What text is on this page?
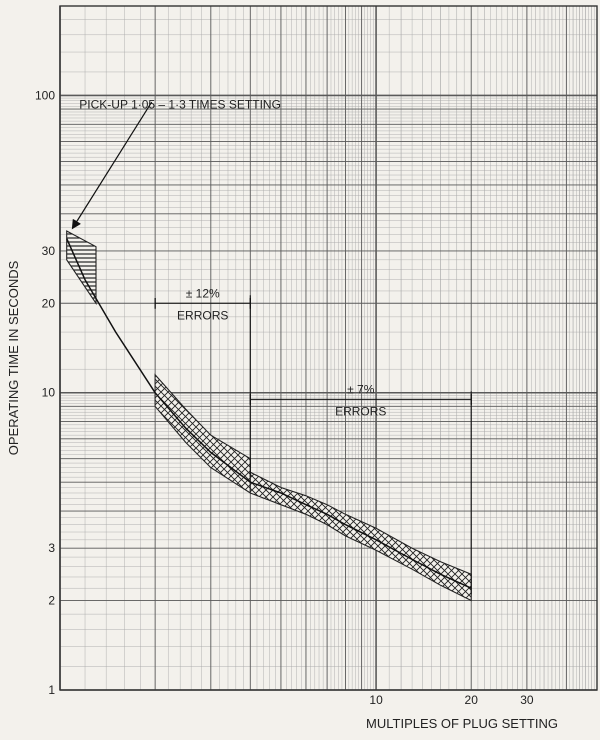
PICK-UP 1·05 – 1·3 TIMES SETTING
± 12%
ERRORS
± 7%
ERRORS
1
2
3
10
20
30
100
10	20	30
OPERATING TIME IN SECONDS
MULTIPLES OF PLUG SETTING
